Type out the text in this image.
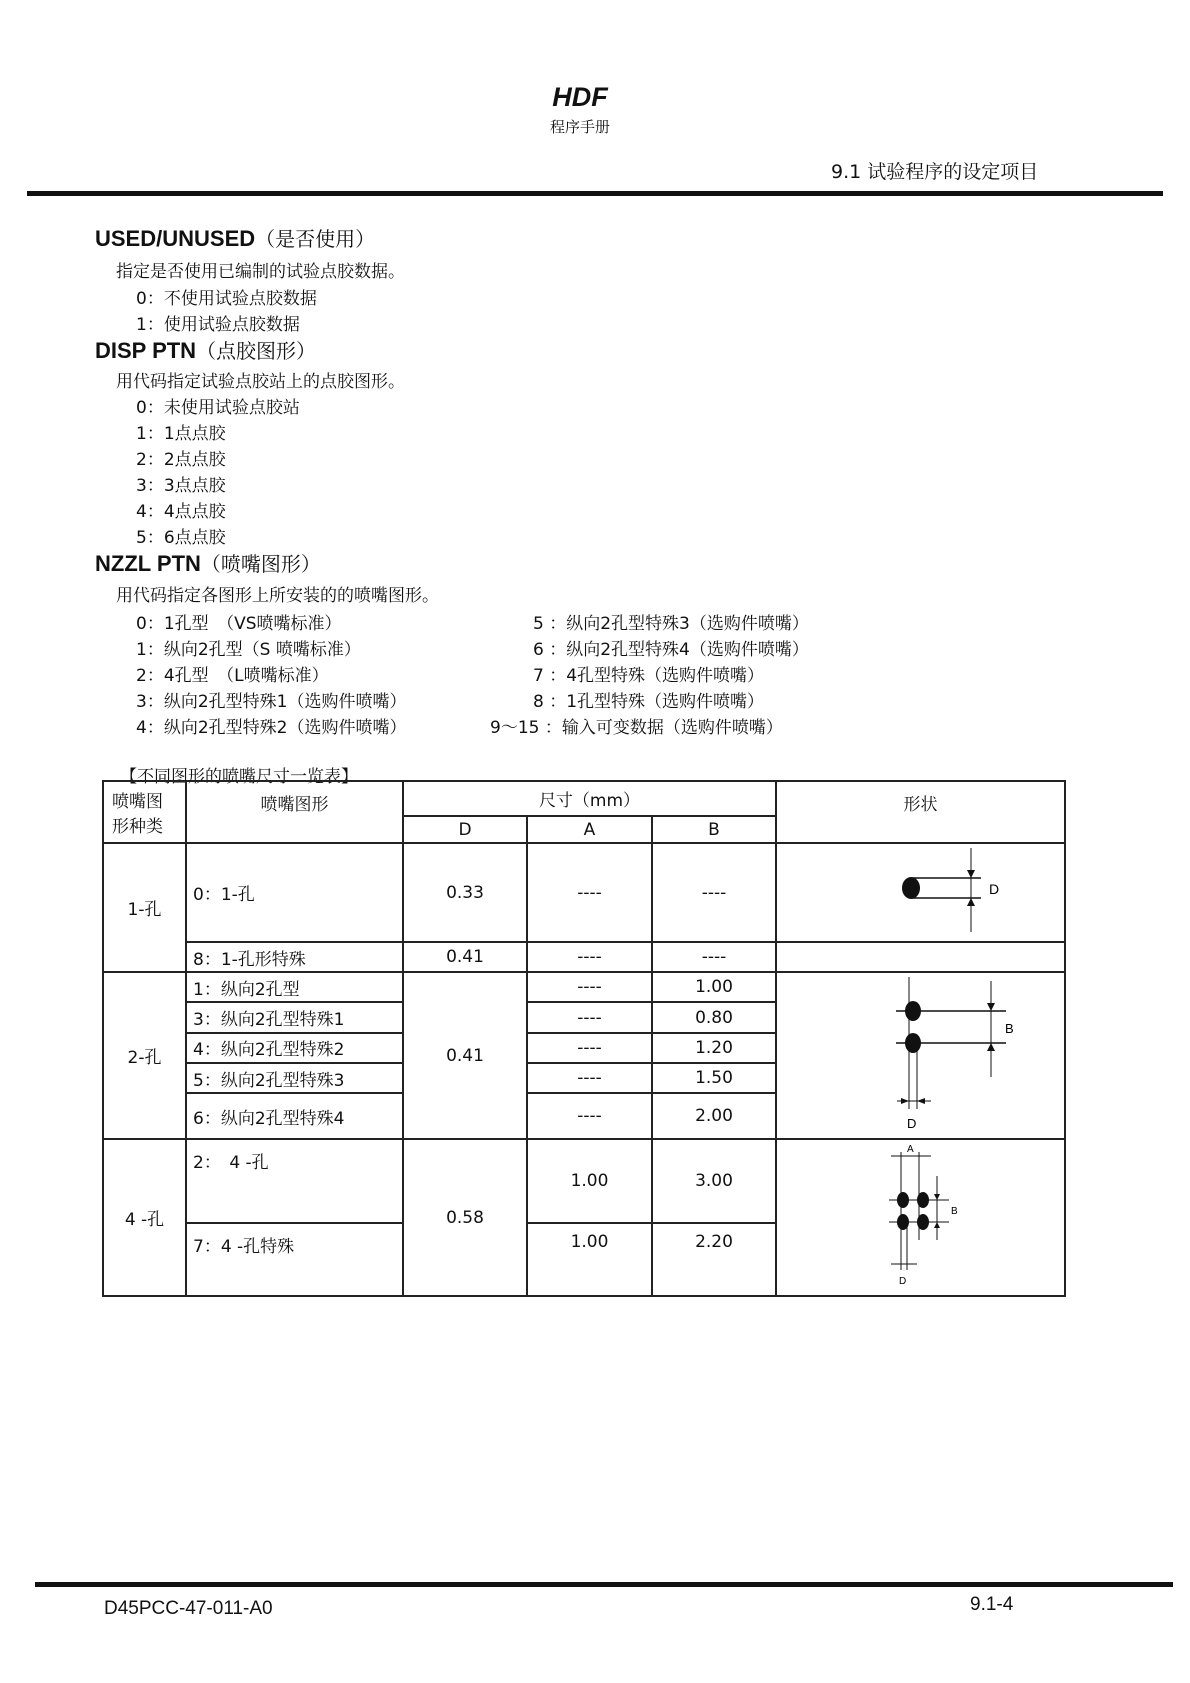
HDF
程序手册
9.1 试验程序的设定项目
USED/UNUSED（是否使用）
指定是否使用已编制的试验点胶数据。
0：不使用试验点胶数据
1：使用试验点胶数据
DISP PTN（点胶图形）
用代码指定试验点胶站上的点胶图形。
0：未使用试验点胶站
1：1点点胶
2：2点点胶
3：3点点胶
4：4点点胶
5：6点点胶
NZZL PTN（喷嘴图形）
用代码指定各图形上所安装的的喷嘴图形。
0：1孔型　（VS喷嘴标准）
1：纵向2孔型（S 喷嘴标准）
2：4孔型　（L喷嘴标准）
3：纵向2孔型特殊1（选购件喷嘴）
4：纵向2孔型特殊2（选购件喷嘴）
5 ：纵向2孔型特殊3（选购件喷嘴）
6 ：纵向2孔型特殊4（选购件喷嘴）
7 ：4孔型特殊（选购件喷嘴）
8 ：1孔型特殊（选购件喷嘴）
9～15 ：输入可变数据（选购件喷嘴）
【不同图形的喷嘴尺寸一览表】
喷嘴图形种类	喷嘴图形	尺寸（mm）			形状
		D	A	B	
1-孔	0：1-孔	0.33	----	----	D

	8：1-孔形特殊	0.41	----	----	
2-孔	1：纵向2孔型	0.41	----	1.00	B
D

	3：纵向2孔型特殊1		----	0.80	
	4：纵向2孔型特殊2		----	1.20	
	5：纵向2孔型特殊3		----	1.50	
	6：纵向2孔型特殊4		----	2.00	
4 -孔	2：　4 -孔	0.58	1.00	3.00	A
B
D

	7：4 -孔特殊		1.00	2.20	
D45PCC-47-011-A0	9.1-4
